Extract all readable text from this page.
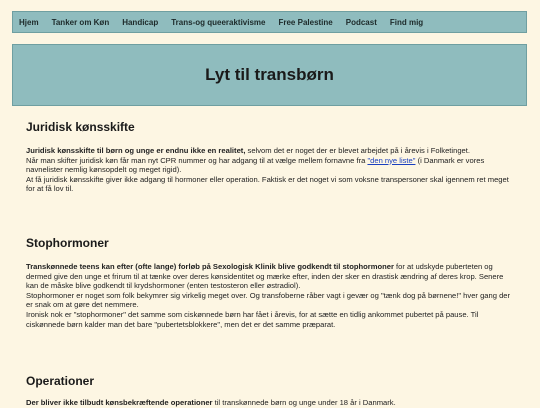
Hjem Tanker om Køn Handicap Trans-og queeraktivisme Free Palestine Podcast Find mig
Lyt til transbørn
Juridisk kønsskifte

Juridisk kønsskifte til børn og unge er endnu ikke en realitet, selvom det er noget der er blevet arbejdet på i årevis i Folketinget.

Når man skifter juridisk køn får man nyt CPR nummer og har adgang til at vælge mellem fornavne fra "den nye liste" (i Danmark er vores navnelister nemlig kønsopdelt og meget rigid).

At få juridisk kønsskifte giver ikke adgang til hormoner eller operation. Faktisk er det noget vi som voksne transpersoner skal igennem ret meget for at få lov til.

Stophormoner

Transkønnede teens kan efter (ofte lange) forløb på Sexologisk Klinik blive godkendt til stophormoner for at udskyde puberteten og dermed give den unge et frirum til at tænke over deres kønsidentitet og mærke efter, inden der sker en drastisk ændring af deres krop. Senere kan de måske blive godkendt til krydshormoner (enten testosteron eller østradiol).

Stophormoner er noget som folk bekymrer sig virkelig meget over. Og transfoberne råber vagt i gevær og "tænk dog på børnene!" hver gang der er snak om at gøre det nemmere.

Ironisk nok er "stophormoner" det samme som ciskønnede børn har fået i årevis, for at sætte en tidlig ankommet pubertet på pause. Til ciskønnede børn kalder man det bare "pubertetsblokkere", men det er det samme præparat.

Operationer

Der bliver ikke tilbudt kønsbekræftende operationer til transkønnede børn og unge under 18 år i Danmark.
